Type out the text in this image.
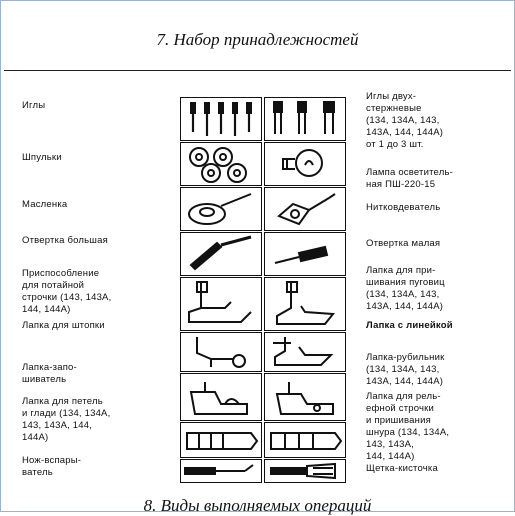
7. Набор принадлежностей
Иглы
Шпульки
Масленка
Отвертка большая
Приспособление
для потайной
строчки (143, 143А,
144, 144А)
Лапка для штопки
Лапка-запо-
шиватель
Лапка для петель
и глади (134, 134А,
143, 143А, 144,
144А)
Нож-вспары-
ватель
Иглы двух-
стержневые
(134, 134А, 143,
143А, 144, 144А)
от 1 до 3 шт.
Лампа осветитель-
ная ПШ-220-15
Нитковдеватель
Отвертка малая
Лапка для при-
шивания пуговиц
(134, 134А, 143,
143А, 144, 144А)
Лапка с линейкой
Лапка-рубильник
(134, 134А, 143,
143А, 144, 144А)
Лапка для рель-
ефной строчки
и пришивания
шнура (134, 134А,
143, 143А,
144, 144А)
Щетка-кисточка
8. Виды выполняемых операций
